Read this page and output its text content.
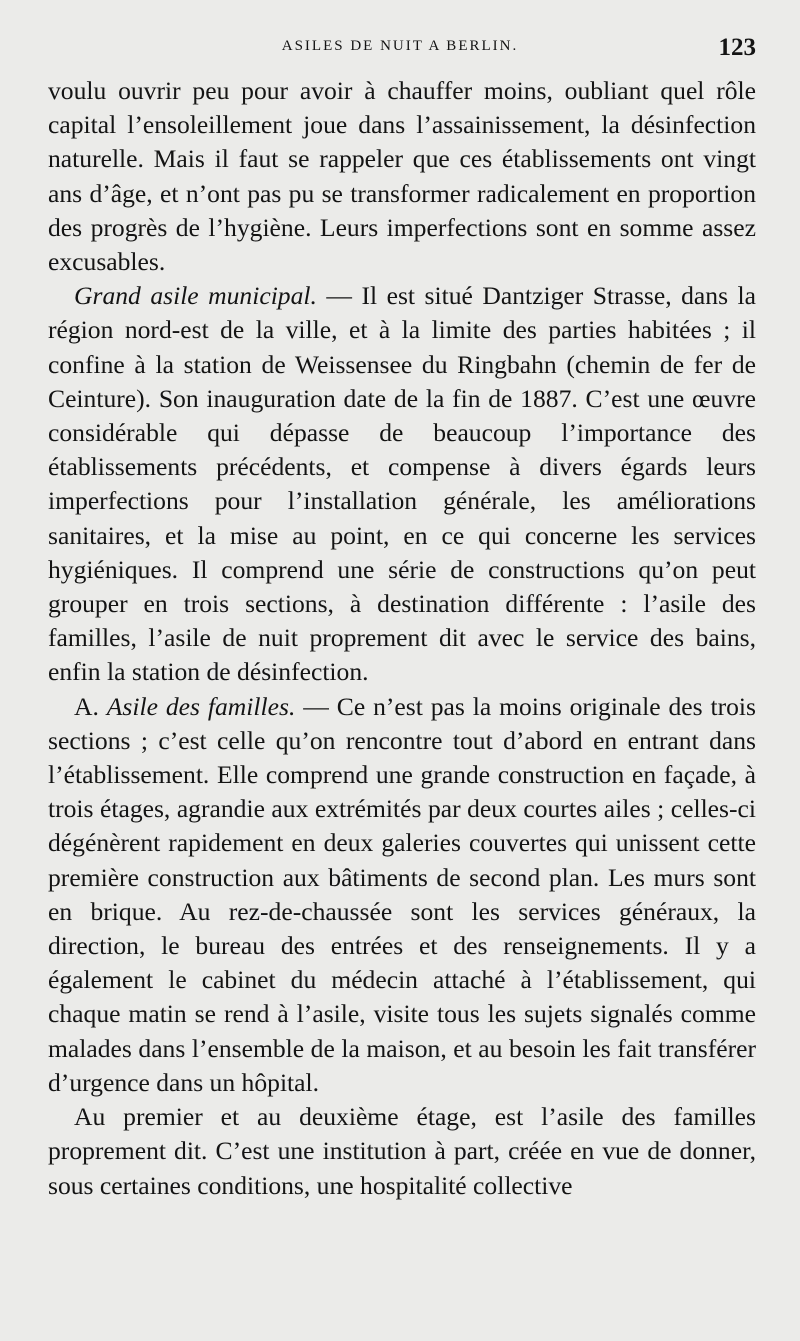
ASILES DE NUIT A BERLIN.	123

voulu ouvrir peu pour avoir à chauffer moins, oubliant quel rôle capital l’ensoleillement joue dans l’assainissement, la désinfection naturelle. Mais il faut se rappeler que ces établissements ont vingt ans d’âge, et n’ont pas pu se transformer radicalement en proportion des progrès de l’hygiène. Leurs imperfections sont en somme assez excusables.

Grand asile municipal. — Il est situé Dantziger Strasse, dans la région nord-est de la ville, et à la limite des parties habitées ; il confine à la station de Weissensee du Ringbahn (chemin de fer de Ceinture). Son inauguration date de la fin de 1887. C’est une œuvre considérable qui dépasse de beaucoup l’importance des établissements précédents, et compense à divers égards leurs imperfections pour l’installation générale, les améliorations sanitaires, et la mise au point, en ce qui concerne les services hygiéniques. Il comprend une série de constructions qu’on peut grouper en trois sections, à destination différente : l’asile des familles, l’asile de nuit proprement dit avec le service des bains, enfin la station de désinfection.

A. Asile des familles. — Ce n’est pas la moins originale des trois sections ; c’est celle qu’on rencontre tout d’abord en entrant dans l’établissement. Elle comprend une grande construction en façade, à trois étages, agrandie aux extrémités par deux courtes ailes ; celles-ci dégénèrent rapidement en deux galeries couvertes qui unissent cette première construction aux bâtiments de second plan. Les murs sont en brique. Au rez-de-chaussée sont les services généraux, la direction, le bureau des entrées et des renseignements. Il y a également le cabinet du médecin attaché à l’établissement, qui chaque matin se rend à l’asile, visite tous les sujets signalés comme malades dans l’ensemble de la maison, et au besoin les fait transférer d’urgence dans un hôpital.

Au premier et au deuxième étage, est l’asile des familles proprement dit. C’est une institution à part, créée en vue de donner, sous certaines conditions, une hospitalité collective
